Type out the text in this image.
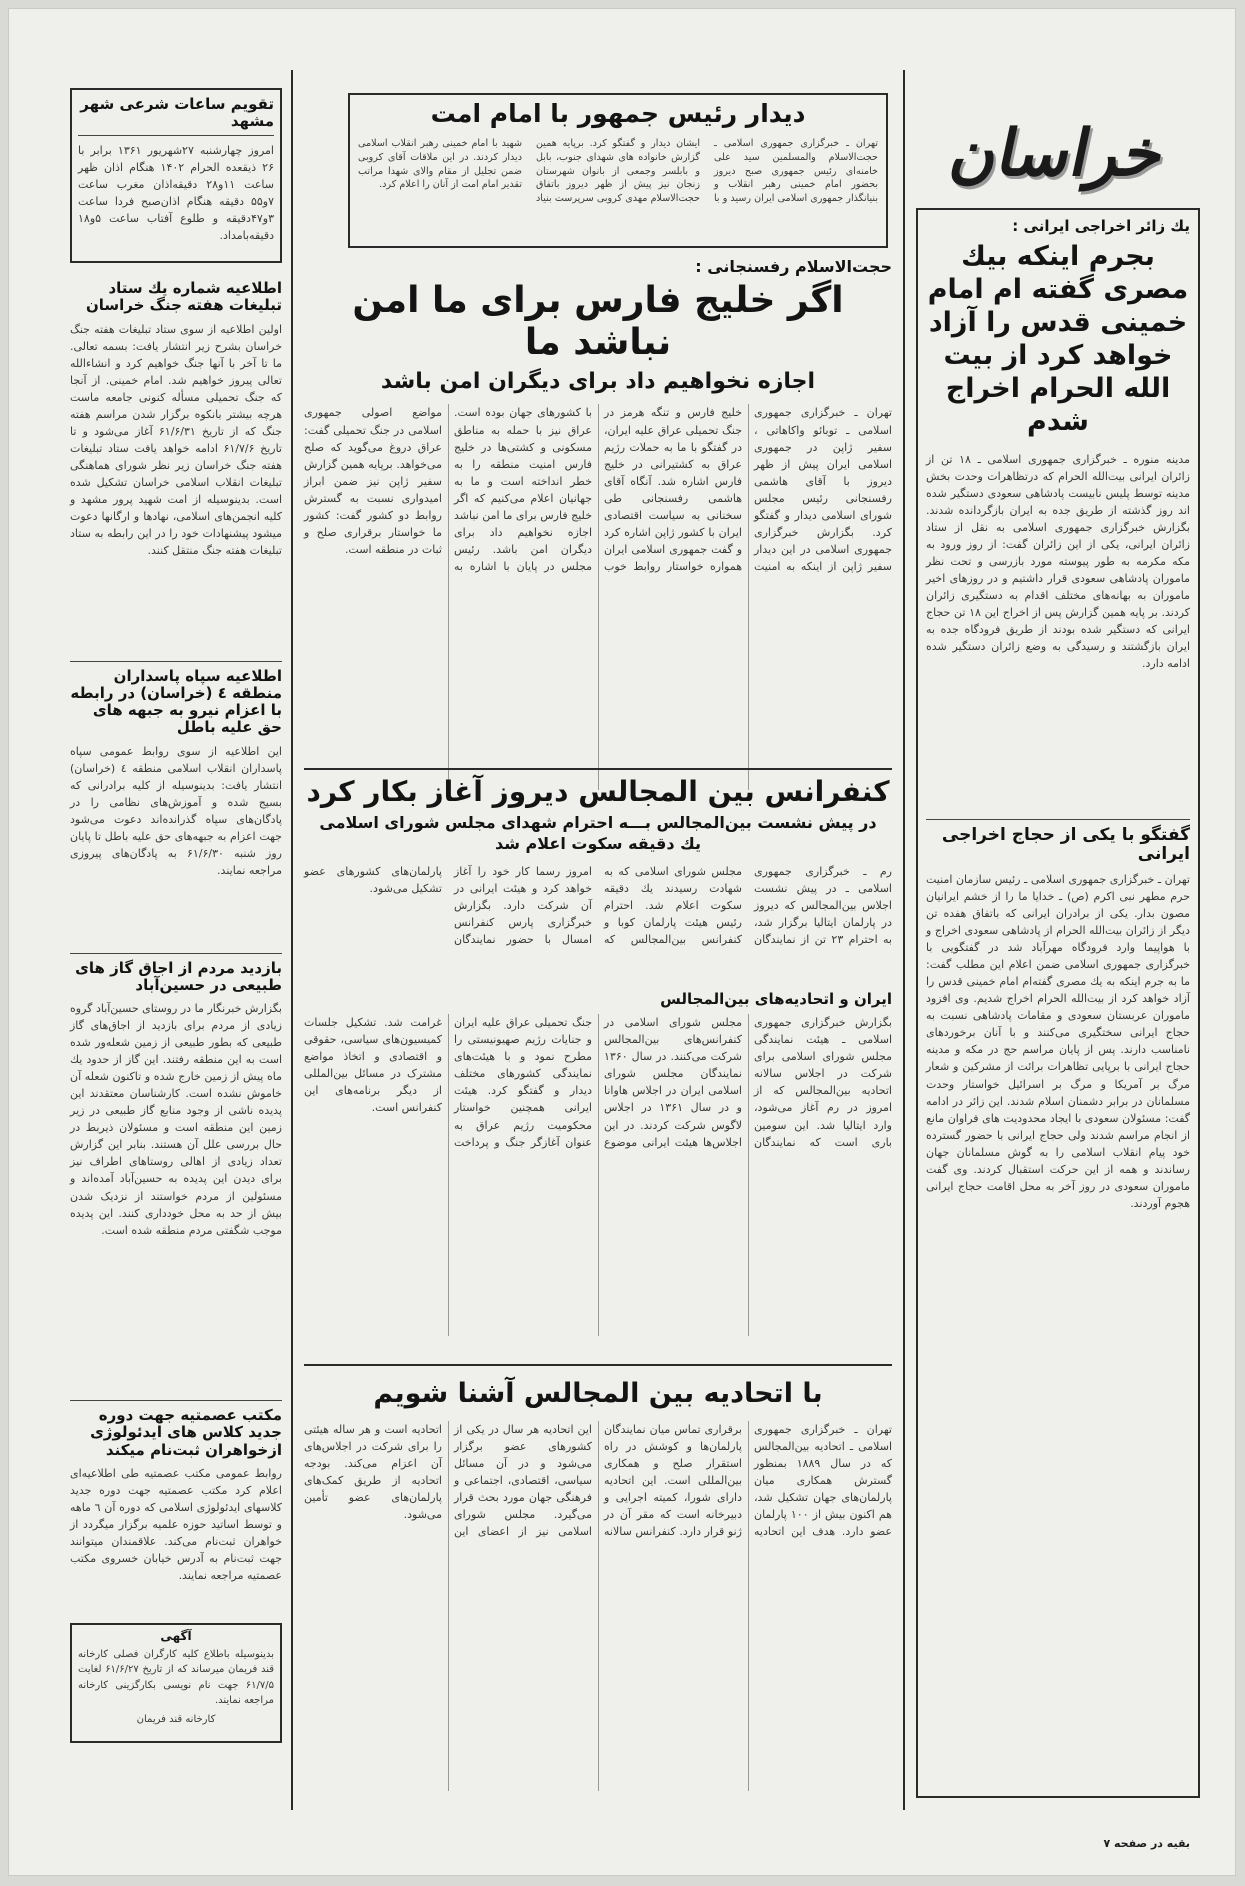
خراسان
یك زائر اخراجی ایرانی :
بجرم اینکه بیك مصری گفته ام امام خمینی قدس را آزاد خواهد کرد از بیت الله الحرام اخراج شدم
مدینه منوره ـ خبرگزاری جمهوری اسلامی ـ ۱۸ تن از زائران ایرانی بیت‌الله الحرام که درتظاهرات وحدت بخش مدینه توسط پلیس نابیست پادشاهی سعودی دستگیر شده اند روز گذشته از طریق جده به ایران بازگردانده شدند. بگزارش خبرگزاری جمهوری اسلامی به نقل از ستاد زائران ایرانی، یکی از این زائران گفت: از روز ورود به مکه مکرمه به طور پیوسته مورد بازرسی و تحت نظر ماموران پادشاهی سعودی قرار داشتیم و در روزهای اخیر ماموران به بهانه‌های مختلف اقدام به دستگیری زائران کردند. بر پایه همین گزارش پس از اخراج این ۱۸ تن حجاج ایرانی که دستگیر شده بودند از طریق فرودگاه جده به ایران بازگشتند و رسیدگی به وضع زائران دستگیر شده ادامه دارد.
گفتگو با یکی از حجاج اخراجی ایرانی
تهران ـ خبرگزاری جمهوری اسلامی ـ رئیس سازمان امنیت حرم مطهر نبی اکرم (ص) ـ خدایا ما را از خشم ایرانیان مصون بدار. یکی از برادران ایرانی که باتفاق هفده تن دیگر از زائران بیت‌الله الحرام از پادشاهی سعودی اخراج و با هواپیما وارد فرودگاه مهرآباد شد در گفتگویی با خبرگزاری جمهوری اسلامی ضمن اعلام این مطلب گفت: ما به جرم اینکه به یك مصری گفته‌ام امام خمینی قدس را آزاد خواهد کرد از بیت‌الله الحرام اخراج شدیم. وی افزود ماموران عربستان سعودی و مقامات پادشاهی نسبت به حجاج ایرانی سختگیری می‌کنند و با آنان برخوردهای نامناسب دارند. پس از پایان مراسم حج در مکه و مدینه حجاج ایرانی با برپایی تظاهرات برائت از مشرکین و شعار مرگ بر آمریکا و مرگ بر اسرائیل خواستار وحدت مسلمانان در برابر دشمنان اسلام شدند. این زائر در ادامه گفت: مسئولان سعودی با ایجاد محدودیت های فراوان مانع از انجام مراسم شدند ولی حجاج ایرانی با حضور گسترده خود پیام انقلاب اسلامی را به گوش مسلمانان جهان رساندند و همه از این حرکت استقبال کردند. وی گفت ماموران سعودی در روز آخر به محل اقامت حجاج ایرانی هجوم آوردند.
بقیه در صفحه ۷
دیدار رئیس جمهور با امام امت
تهران ـ خبرگزاری جمهوری اسلامی ـ حجت‌الاسلام والمسلمین سید علی خامنه‌ای رئیس جمهوری صبح دیروز بحضور امام خمینی رهبر انقلاب و بنیانگذار جمهوری اسلامی ایران رسید و با ایشان دیدار و گفتگو کرد. برپایه همین گزارش خانواده های شهدای جنوب، بابل و بابلسر وجمعی از بانوان شهرستان زنجان نیز پیش از ظهر دیروز باتفاق حجت‌الاسلام مهدی کروبی سرپرست بنیاد شهید با امام خمینی رهبر انقلاب اسلامی دیدار کردند. در این ملاقات آقای کروبی ضمن تجلیل از مقام والای شهدا مراتب تقدیر امام امت از آنان را اعلام کرد.
حجت‌الاسلام رفسنجانی :
اگر خلیج فارس برای ما امن نباشد ما
اجازه نخواهیم داد برای دیگران امن باشد
تهران ـ خبرگزاری جمهوری اسلامی ـ توبائو واکاهاتی ، سفیر ژاپن در جمهوری اسلامی ایران پیش از ظهر دیروز با آقای هاشمی رفسنجانی رئیس مجلس شورای اسلامی دیدار و گفتگو کرد. بگزارش خبرگزاری جمهوری اسلامی در این دیدار سفیر ژاپن از اینکه به امنیت خلیج فارس و تنگه هرمز در جنگ تحمیلی عراق علیه ایران، در گفتگو با ما به حملات رژیم عراق به کشتیرانی در خلیج فارس اشاره شد. آنگاه آقای هاشمی رفسنجانی طی سخنانی به سیاست اقتصادی ایران با کشور ژاپن اشاره کرد و گفت جمهوری اسلامی ایران همواره خواستار روابط خوب با کشورهای جهان بوده است. عراق نیز با حمله به مناطق مسکونی و کشتی‌ها در خلیج فارس امنیت منطقه را به خطر انداخته است و ما به جهانیان اعلام می‌کنیم که اگر خلیج فارس برای ما امن نباشد اجازه نخواهیم داد برای دیگران امن باشد. رئیس مجلس در پایان با اشاره به مواضع اصولی جمهوری اسلامی در جنگ تحمیلی گفت: عراق دروغ می‌گوید که صلح می‌خواهد. برپایه همین گزارش سفیر ژاپن نیز ضمن ابراز امیدواری نسبت به گسترش روابط دو کشور گفت: کشور ما خواستار برقراری صلح و ثبات در منطقه است.
کنفرانس بین المجالس دیروز آغاز بکار کرد
در پیش نشست بین‌المجالس بـــه احترام شهدای مجلس شورای اسلامی
یك دقیقه سکوت اعلام شد
رم ـ خبرگزاری جمهوری اسلامی ـ در پیش نشست اجلاس بین‌المجالس که دیروز در پارلمان ایتالیا برگزار شد، به احترام ۲۳ تن از نمایندگان مجلس شورای اسلامی که به شهادت رسیدند یك دقیقه سکوت اعلام شد. احترام رئیس هیئت پارلمان کوبا و کنفرانس بین‌المجالس که امروز رسما کار خود را آغاز خواهد کرد و هیئت ایرانی در آن شرکت دارد. بگزارش خبرگزاری پارس کنفرانس امسال با حضور نمایندگان پارلمان‌های کشورهای عضو تشکیل می‌شود.
ایران و اتحادیه‌های بین‌المجالس
بگزارش خبرگزاری جمهوری اسلامی ـ هیئت نمایندگی مجلس شورای اسلامی برای شرکت در اجلاس سالانه اتحادیه بین‌المجالس که از امروز در رم آغاز می‌شود، وارد ایتالیا شد. این سومین باری است که نمایندگان مجلس شورای اسلامی در کنفرانس‌های بین‌المجالس شرکت می‌کنند. در سال ۱۳۶۰ نمایندگان مجلس شورای اسلامی ایران در اجلاس هاوانا و در سال ۱۳۶۱ در اجلاس لاگوس شرکت کردند. در این اجلاس‌ها هیئت ایرانی موضوع جنگ تحمیلی عراق علیه ایران و جنایات رژیم صهیونیستی را مطرح نمود و با هیئت‌های نمایندگی کشورهای مختلف دیدار و گفتگو کرد. هیئت ایرانی همچنین خواستار محکومیت رژیم عراق به عنوان آغازگر جنگ و پرداخت غرامت شد. تشکیل جلسات کمیسیون‌های سیاسی، حقوقی و اقتصادی و اتخاذ مواضع مشترک در مسائل بین‌المللی از دیگر برنامه‌های این کنفرانس است.
با اتحادیه بین المجالس آشنا شویم
تهران ـ خبرگزاری جمهوری اسلامی ـ اتحادیه بین‌المجالس که در سال ۱۸۸۹ بمنظور گسترش همکاری میان پارلمان‌های جهان تشکیل شد، هم اکنون بیش از ۱۰۰ پارلمان عضو دارد. هدف این اتحادیه برقراری تماس میان نمایندگان پارلمان‌ها و کوشش در راه استقرار صلح و همکاری بین‌المللی است. این اتحادیه دارای شورا، کمیته اجرایی و دبیرخانه است که مقر آن در ژنو قرار دارد. کنفرانس سالانه این اتحادیه هر سال در یکی از کشورهای عضو برگزار می‌شود و در آن مسائل سیاسی، اقتصادی، اجتماعی و فرهنگی جهان مورد بحث قرار می‌گیرد. مجلس شورای اسلامی نیز از اعضای این اتحادیه است و هر ساله هیئتی را برای شرکت در اجلاس‌های آن اعزام می‌کند. بودجه اتحادیه از طریق کمک‌های پارلمان‌های عضو تأمین می‌شود.
تقویم ساعات شرعی شهر مشهد
امروز چهارشنبه ۲۷شهریور ۱۳۶۱ برابر با ۲۶ ذیقعده الحرام ۱۴۰۲ هنگام اذان ظهر ساعت ۱۱و۲۸ دقیقه‌اذان مغرب ساعت ۷و۵۵ دقیقه هنگام اذان‌صبح فردا ساعت ۳و۴۷دقیقه و طلوع آفتاب ساعت ۵و۱۸ دقیقه‌بامداد.
اطلاعیه شماره یك ستاد تبلیغات هفته جنگ خراسان
اولین اطلاعیه از سوی ستاد تبلیغات هفته جنگ خراسان بشرح زیر انتشار یافت: بسمه تعالی. ما تا آخر با آنها جنگ خواهیم کرد و انشاءالله تعالی پیروز خواهیم شد. امام خمینی. از آنجا که جنگ تحمیلی مسأله کنونی جامعه ماست هرچه بیشتر بانکوه برگزار شدن مراسم هفته جنگ که از تاریخ ۶۱/۶/۳۱ آغاز می‌شود و تا تاریخ ۶۱/۷/۶ ادامه خواهد یافت ستاد تبلیغات هفته جنگ خراسان زیر نظر شورای هماهنگی تبلیغات انقلاب اسلامی خراسان تشکیل شده است. بدینوسیله از امت شهید پرور مشهد و کلیه انجمن‌های اسلامی، نهادها و ارگانها دعوت میشود پیشنهادات خود را در این رابطه به ستاد تبلیغات هفته جنگ منتقل کنند.
اطلاعیه سپاه پاسداران منطقه ٤ (خراسان) در رابطه با اعزام نیرو به جبهه های حق علیه باطل
این اطلاعیه از سوی روابط عمومی سپاه پاسداران انقلاب اسلامی منطقه ٤ (خراسان) انتشار یافت: بدینوسیله از کلیه برادرانی که بسیج شده و آموزش‌های نظامی را در پادگان‌های سپاه گذرانده‌اند دعوت می‌شود جهت اعزام به جبهه‌های حق علیه باطل تا پایان روز شنبه ۶۱/۶/۳۰ به پادگان‌های پیروزی مراجعه نمایند.
بازدید مردم از اجاق گاز های طبیعی در حسین‌آباد
بگزارش خبرنگار ما در روستای حسین‌آباد گروه زیادی از مردم برای بازدید از اجاق‌های گاز طبیعی که بطور طبیعی از زمین شعله‌ور شده است به این منطقه رفتند. این گاز از حدود یك ماه پیش از زمین خارج شده و تاکنون شعله آن خاموش نشده است. کارشناسان معتقدند این پدیده ناشی از وجود منابع گاز طبیعی در زیر زمین این منطقه است و مسئولان ذیربط در حال بررسی علل آن هستند. بنابر این گزارش تعداد زیادی از اهالی روستاهای اطراف نیز برای دیدن این پدیده به حسین‌آباد آمده‌اند و مسئولین از مردم خواستند از نزدیک شدن بیش از حد به محل خودداری کنند. این پدیده موجب شگفتی مردم منطقه شده است.
مکتب عصمتیه جهت دوره جدید کلاس های ایدئولوژی ازخواهران ثبت‌نام میکند
روابط عمومی مکتب عصمتیه طی اطلاعیه‌ای اعلام کرد مکتب عصمتیه جهت دوره جدید کلاسهای ایدئولوژی اسلامی که دوره آن ٦ ماهه و توسط اساتید حوزه علمیه برگزار میگردد از خواهران ثبت‌نام می‌کند. علاقمندان میتوانند جهت ثبت‌نام به آدرس خیابان خسروی مکتب عصمتیه مراجعه نمایند.
آگهی
بدینوسیله باطلاع کلیه کارگران فصلی کارخانه قند فریمان میرساند که از تاریخ ۶۱/۶/۲۷ لغایت ۶۱/۷/۵ جهت نام نویسی بکارگزینی کارخانه مراجعه نمایند.
کارخانه قند فریمان
